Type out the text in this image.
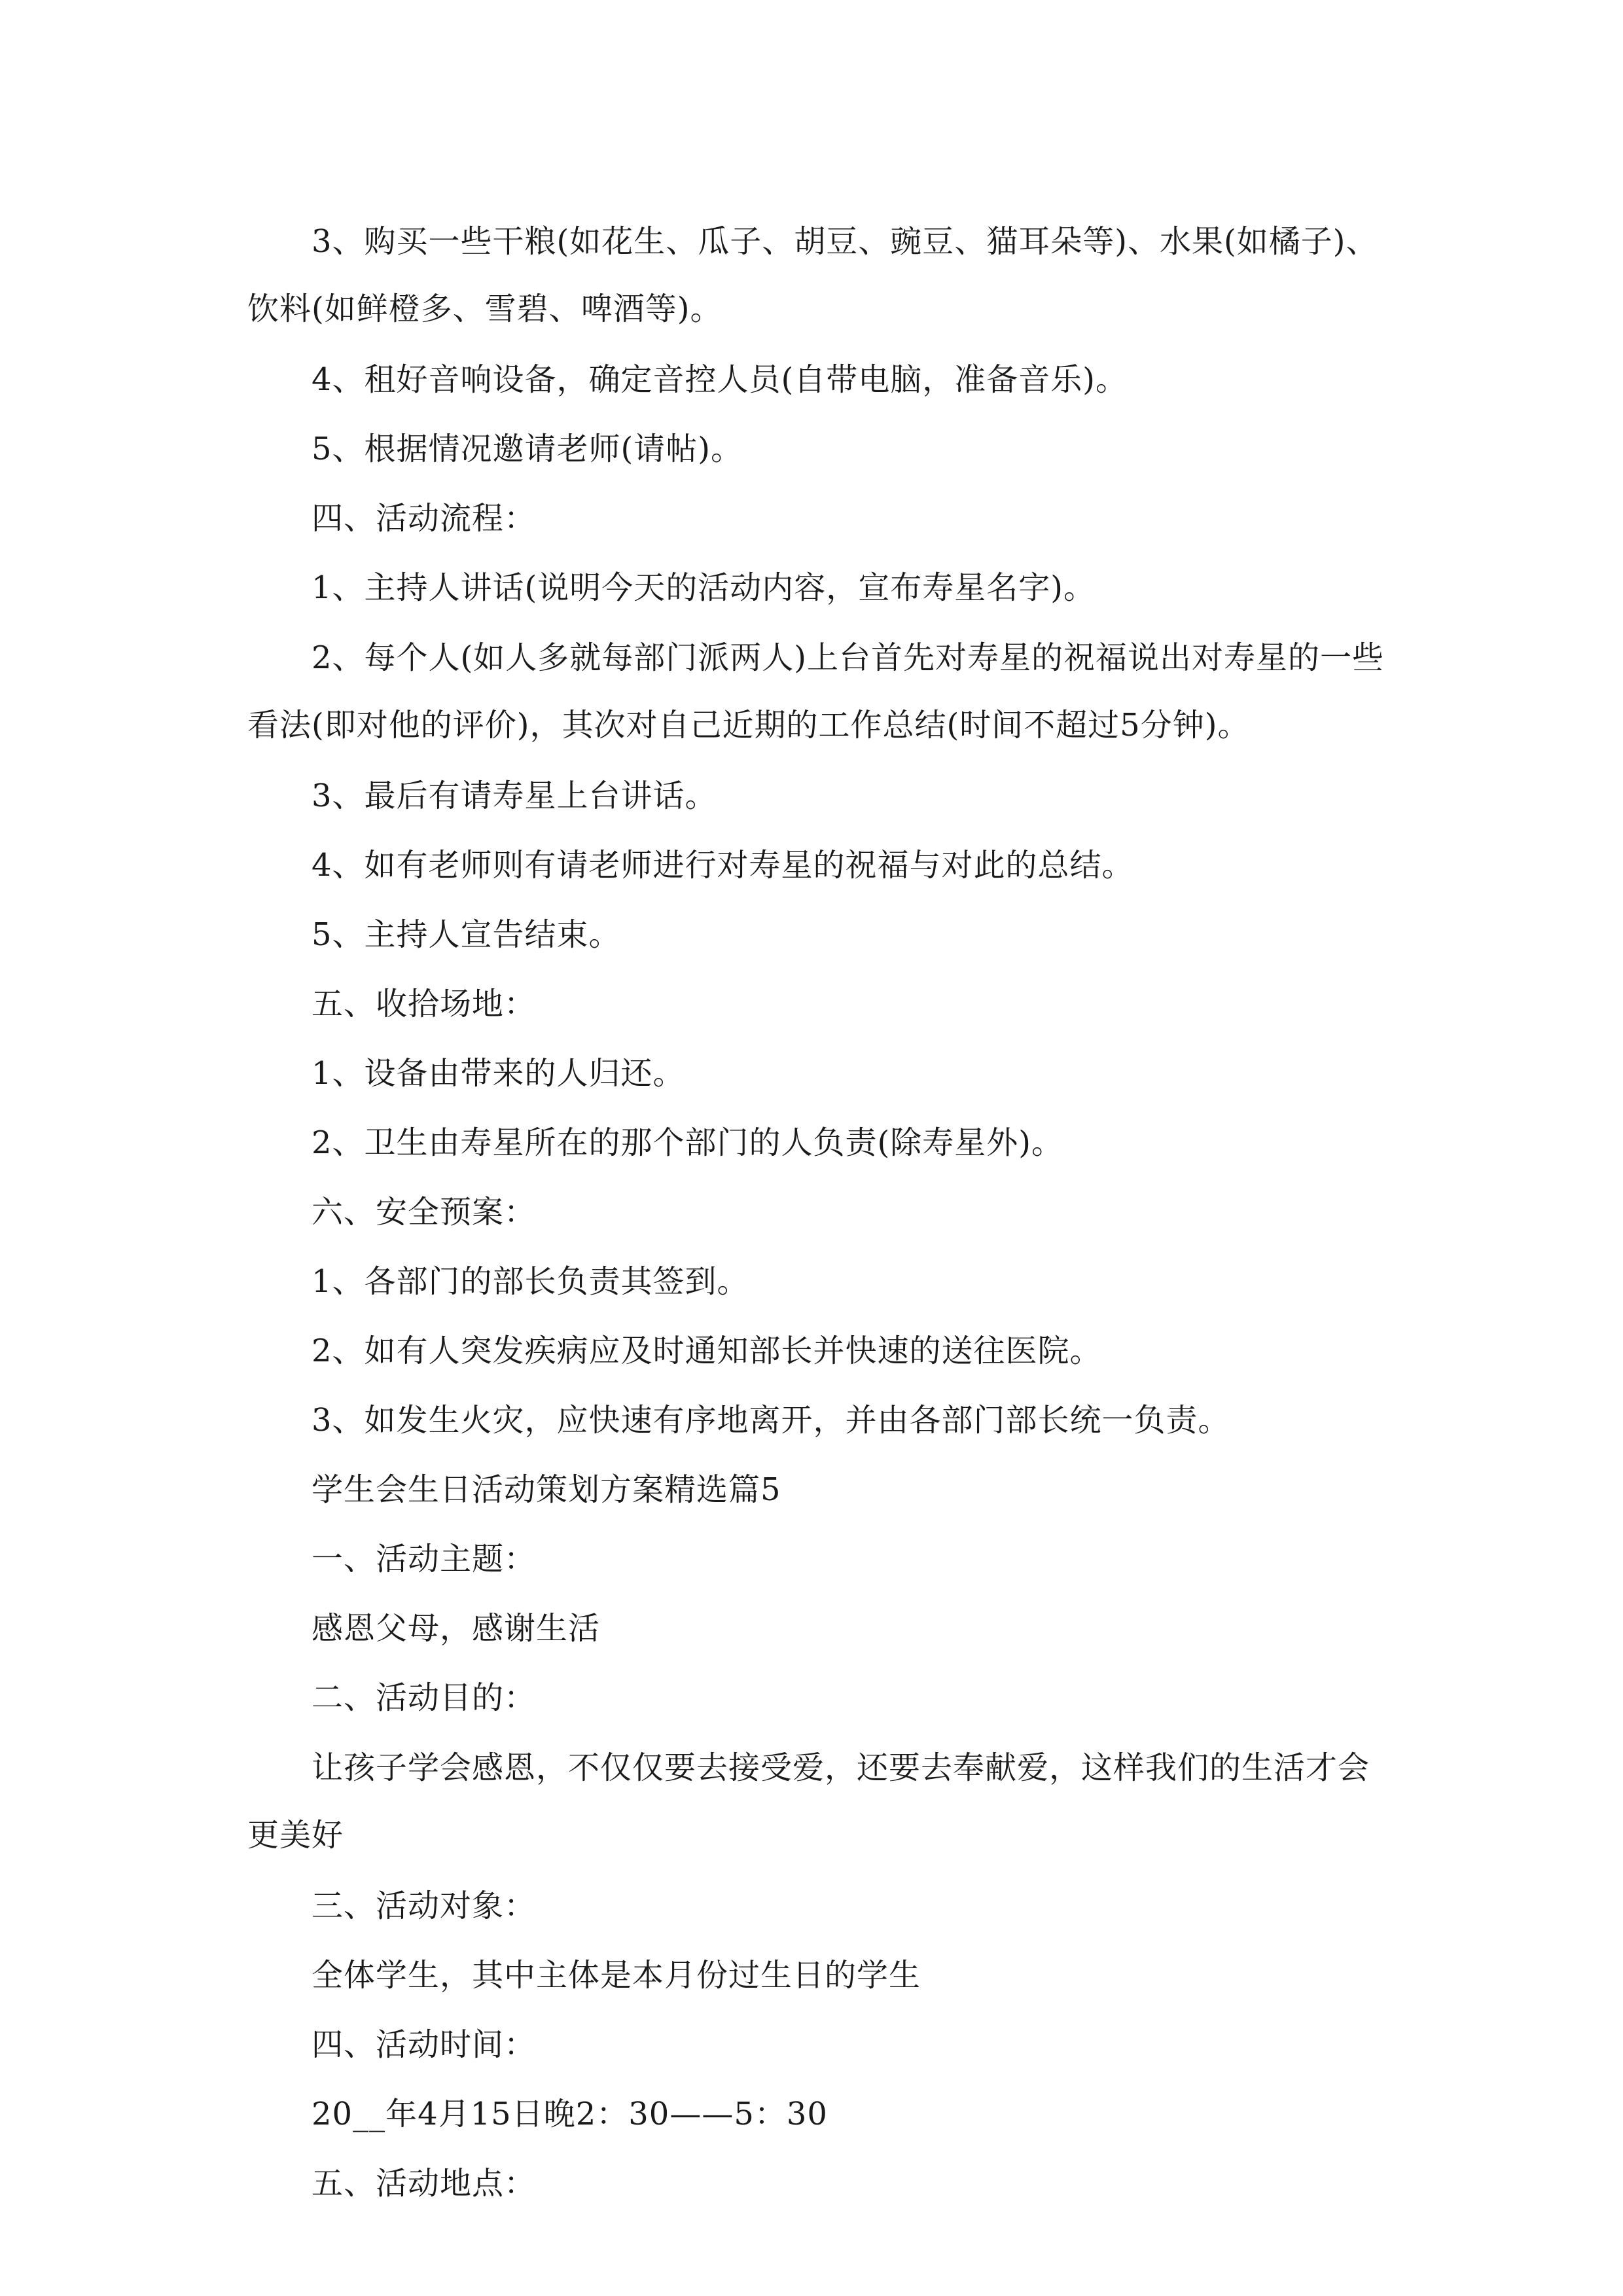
3、购买一些干粮(如花生、瓜子、胡豆、豌豆、猫耳朵等)、水果(如橘子)、饮料(如鲜橙多、雪碧、啤酒等)。

4、租好音响设备，确定音控人员(自带电脑，准备音乐)。

5、根据情况邀请老师(请帖)。

四、活动流程：

1、主持人讲话(说明今天的活动内容，宣布寿星名字)。

2、每个人(如人多就每部门派两人)上台首先对寿星的祝福说出对寿星的一些看法(即对他的评价)，其次对自己近期的工作总结(时间不超过5分钟)。

3、最后有请寿星上台讲话。

4、如有老师则有请老师进行对寿星的祝福与对此的总结。

5、主持人宣告结束。

五、收拾场地：

1、设备由带来的人归还。

2、卫生由寿星所在的那个部门的人负责(除寿星外)。

六、安全预案：

1、各部门的部长负责其签到。

2、如有人突发疾病应及时通知部长并快速的送往医院。

3、如发生火灾，应快速有序地离开，并由各部门部长统一负责。

学生会生日活动策划方案精选篇5

一、活动主题：

感恩父母，感谢生活

二、活动目的：

让孩子学会感恩，不仅仅要去接受爱，还要去奉献爱，这样我们的生活才会更美好

三、活动对象：

全体学生，其中主体是本月份过生日的学生

四、活动时间：

20__年4月15日晚2：30——5：30

五、活动地点：
